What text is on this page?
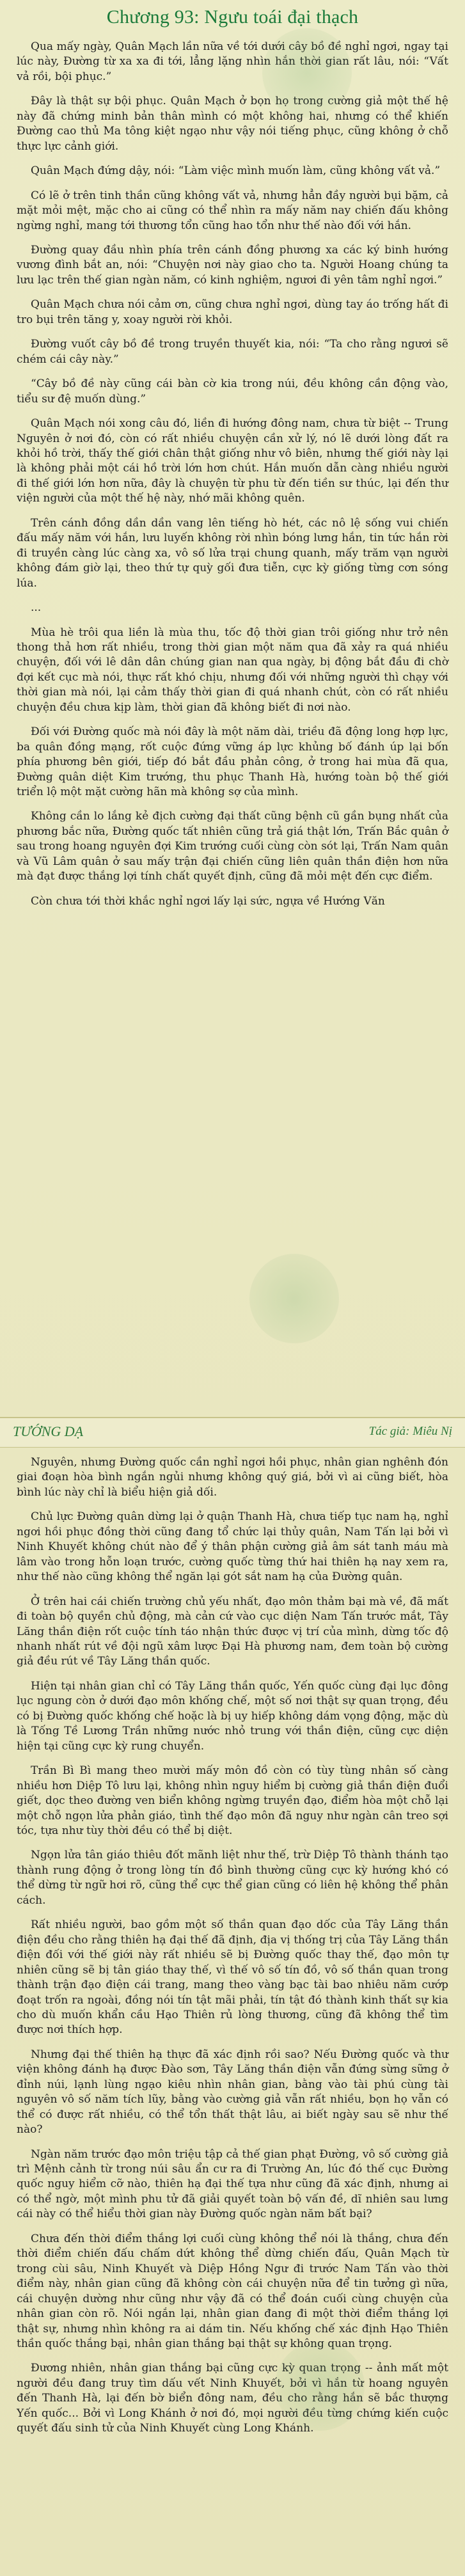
Chương 93: Ngưu toái đại thạch

Qua mấy ngày, Quân Mạch lần nữa về tới dưới cây bồ đề nghỉ ngơi, ngay tại lúc này, Đường từ xa xa đi tới, lẳng lặng nhìn hắn thời gian rất lâu, nói: “Vất vả rồi, bội phục.”

Đây là thật sự bội phục. Quân Mạch ở bọn họ trong cường giả một thế hệ này đã chứng minh bản thân mình có một không hai, nhưng có thể khiến Đường cao thủ Ma tông kiệt ngạo như vậy nói tiếng phục, cũng không ở chỗ thực lực cảnh giới.

Quân Mạch đứng dậy, nói: “Làm việc mình muốn làm, cũng không vất vả.”

Có lẽ ở trên tinh thần cũng không vất vả, nhưng hẳn đầy người bụi bặm, cả mặt mỏi mệt, mặc cho ai cũng có thể nhìn ra mấy năm nay chiến đấu không ngừng nghỉ, mang tới thương tổn cũng hao tổn như thế nào đối với hắn.

Đường quay đầu nhìn phía trên cánh đồng phương xa các ký binh hướng vương đình bắt an, nói: “Chuyện nơi này giao cho ta. Người Hoang chúng ta lưu lạc trên thế gian ngàn năm, có kinh nghiệm, ngươi đi yên tâm nghỉ ngơi.”

Quân Mạch chưa nói cảm ơn, cũng chưa nghỉ ngơi, dùng tay áo trống hất đi tro bụi trên tăng y, xoay người rời khỏi.

Đường vuốt cây bồ đề trong truyền thuyết kia, nói: “Ta cho rằng ngươi sẽ chém cái cây này.”

“Cây bồ đề này cũng cái bàn cờ kia trong núi, đều không cần động vào, tiểu sư đệ muốn dùng.”

Quân Mạch nói xong câu đó, liền đi hướng đông nam, chưa từ biệt -- Trung Nguyên ở nơi đó, còn có rất nhiều chuyện cần xử lý, nó lẽ dưới lòng đất ra khỏi hồ trời, thấy thế giới chân thật giống như vô biên, nhưng thế giới này lại là không phải một cái hồ trời lớn hơn chút. Hắn muốn dẫn càng nhiều người đi thế giới lớn hơn nữa, đây là chuyện từ phu từ đến tiền sư thúc, lại đến thư viện người của một thế hệ này, nhớ mãi không quên.

Trên cánh đồng dần dần vang lên tiếng hò hét, các nô lệ sống vui chiến đấu mấy năm với hắn, lưu luyến không rời nhìn bóng lưng hắn, tin tức hắn rời đi truyền càng lúc càng xa, vô số lửa trại chung quanh, mấy trăm vạn người không đám giờ lại, theo thứ tự quỳ gối đưa tiễn, cực kỳ giống từng cơn sóng lúa.

...

Mùa hè trôi qua liền là mùa thu, tốc độ thời gian trôi giống như trở nên thong thả hơn rất nhiều, trong thời gian một năm qua đã xảy ra quá nhiều chuyện, đối với lê dân dân chúng gian nan qua ngày, bị động bắt đầu đi chờ đợi kết cục mà nói, thực rất khó chịu, nhưng đối với những người thì chạy với thời gian mà nói, lại cảm thấy thời gian đi quá nhanh chút, còn có rất nhiều chuyện đều chưa kịp làm, thời gian đã không biết đi nơi nào.

Đối với Đường quốc mà nói đây là một năm dài, triều đã động long hợp lực, ba quân đồng mạng, rốt cuộc đứng vững áp lực khủng bố đánh úp lại bốn phía phương bên giới, tiếp đó bắt đầu phản công, ở trong hai mùa đã qua, Đường quân diệt Kim trướng, thu phục Thanh Hà, hướng toàn bộ thế giới triển lộ một mặt cường hãn mà không sợ của mình.

Không cần lo lắng kẻ địch cường đại thất cũng bệnh cũ gần bụng nhất của phương bắc nữa, Đường quốc tất nhiên cũng trả giá thật lớn, Trấn Bắc quân ở sau trong hoang nguyên đợi Kim trướng cuối cùng còn sót lại, Trấn Nam quân và Vũ Lâm quân ở sau mấy trận đại chiến cũng liên quân thần điện hơn nữa mà đạt được thắng lợi tính chất quyết định, cũng đã mỏi mệt đến cực điểm.

Còn chưa tới thời khắc nghỉ ngơi lấy lại sức, ngựa về Hướng Văn

TƯỚNG DẠ	Tác giả: Miêu Nị

Nguyên, nhưng Đường quốc cần nghỉ ngơi hồi phục, nhân gian nghênh đón giai đoạn hòa bình ngắn ngủi nhưng không quý giá, bởi vì ai cũng biết, hòa bình lúc này chỉ là biểu hiện giả dối.

Chủ lực Đường quân dừng lại ở quận Thanh Hà, chưa tiếp tục nam hạ, nghỉ ngơi hồi phục đồng thời cũng đang tổ chức lại thủy quân, Nam Tấn lại bởi vì Ninh Khuyết không chút nào để ý thân phận cường giả âm sát tanh máu mà lâm vào trong hỗn loạn trước, cường quốc từng thứ hai thiên hạ nay xem ra, như thế nào cũng không thể ngăn lại gót sắt nam hạ của Đường quân.

Ở trên hai cái chiến trường chủ yếu nhất, đạo môn thảm bại mà về, đã mất đi toàn bộ quyền chủ động, mà cản cứ vào cục diện Nam Tấn trước mắt, Tây Lăng thần điện rốt cuộc tính táo nhận thức được vị trí của mình, dừng tốc độ nhanh nhất rút về đội ngũ xâm lược Đại Hà phương nam, đem toàn bộ cường giả đều rút về Tây Lăng thần quốc.

Hiện tại nhân gian chỉ có Tây Lăng thần quốc, Yến quốc cùng đại lục đông lục ngung còn ở dưới đạo môn khống chế, một số nơi thật sự quan trọng, đều có bị Đường quốc khống chế hoặc là bị uy hiếp không dám vọng động, mặc dù là Tống Tề Lương Trần những nước nhỏ trung với thần điện, cũng cực diện hiện tại cũng cực kỳ rung chuyển.

Trần Bì Bì mang theo mười mấy môn đồ còn có tùy tùng nhân số càng nhiều hơn Diệp Tô lưu lại, không nhìn nguy hiểm bị cường giả thần điện đuổi giết, dọc theo đường ven biển không ngừng truyền đạo, điểm hòa một chỗ lại một chỗ ngọn lửa phản giáo, tình thế đạo môn đã nguy như ngàn cân treo sợi tóc, tựa như tùy thời đều có thể bị diệt.

Ngọn lửa tân giáo thiêu đốt mãnh liệt như thế, trừ Diệp Tô thành thánh tạo thành rung động ở trong lòng tín đồ bình thường cũng cực kỳ hướng khó có thể dừng từ ngữ hơi rõ, cũng thể cực thể gian cũng có liên hệ không thể phân cách.

Rất nhiều người, bao gồm một số thần quan đạo dốc của Tây Lăng thần điện đều cho rằng thiên hạ đại thế đã định, địa vị thống trị của Tây Lăng thần điện đối với thế giới này rất nhiều sẽ bị Đường quốc thay thế, đạo môn tự nhiên cũng sẽ bị tân giáo thay thế, vì thế vô số tín đồ, vô số thần quan trong thành trận đạo điện cái trang, mang theo vàng bạc tài bao nhiêu năm cướp đoạt trốn ra ngoài, đồng nói tín tật mãi phải, tín tật đó thành kinh thất sự kia cho dù muốn khẩn cầu Hạo Thiên rủ lòng thương, cũng đã không thể tìm được nơi thích hợp.

Nhưng đại thế thiên hạ thực đã xác định rồi sao? Nếu Đường quốc và thư viện không đánh hạ được Đào sơn, Tây Lăng thần điện vẫn đứng sừng sững ở đỉnh núi, lạnh lùng ngạo kiêu nhìn nhân gian, bằng vào tài phú cùng tài nguyên vô số năm tích lũy, bằng vào cường giả vẫn rất nhiều, bọn họ vẫn có thể có được rất nhiều, có thể tổn thất thật lâu, ai biết ngày sau sẽ như thế nào?

Ngàn năm trước đạo môn triệu tập cả thế gian phạt Đường, vô số cường giả trì Mệnh cảnh từ trong núi sâu ẩn cư ra đi Trường An, lúc đó thế cục Đường quốc nguy hiểm cỡ nào, thiên hạ đại thế tựa như cũng đã xác định, nhưng ai có thể ngờ, một mình phu tử đã giải quyết toàn bộ vấn đề, dĩ nhiên sau lưng cái này có thể hiểu thời gian này Đường quốc ngàn năm bất bại?

Chưa đến thời điểm thắng lợi cuối cùng không thể nói là thắng, chưa đến thời điểm chiến đấu chấm dứt không thể dừng chiến đấu, Quân Mạch từ trong cùi sâu, Ninh Khuyết và Diệp Hồng Ngư đi trước Nam Tấn vào thời điểm này, nhân gian cũng đã không còn cái chuyện nữa để tin tưởng gì nữa, cái chuyện dường như cũng như vậy đã có thể đoán cuối cùng chuyện của nhân gian còn rõ. Nói ngắn lại, nhân gian đang đi một thời điểm thắng lợi thật sự, nhưng nhìn không ra ai dám tin. Nếu khống chế xác định Hạo Thiên thần quốc thắng bại, nhân gian thắng bại thật sự không quan trọng.

Đương nhiên, nhân gian thắng bại cũng cực kỳ quan trọng -- ảnh mất một người đều đang truy tìm dấu vết Ninh Khuyết, bởi vì hắn từ hoang nguyên đến Thanh Hà, lại đến bờ biển đông nam, đều cho rằng hắn sẽ bắc thượng Yến quốc... Bởi vì Long Khánh ở nơi đó, mọi người đều từng chứng kiến cuộc quyết đấu sinh tử của Ninh Khuyết cùng Long Khánh.
